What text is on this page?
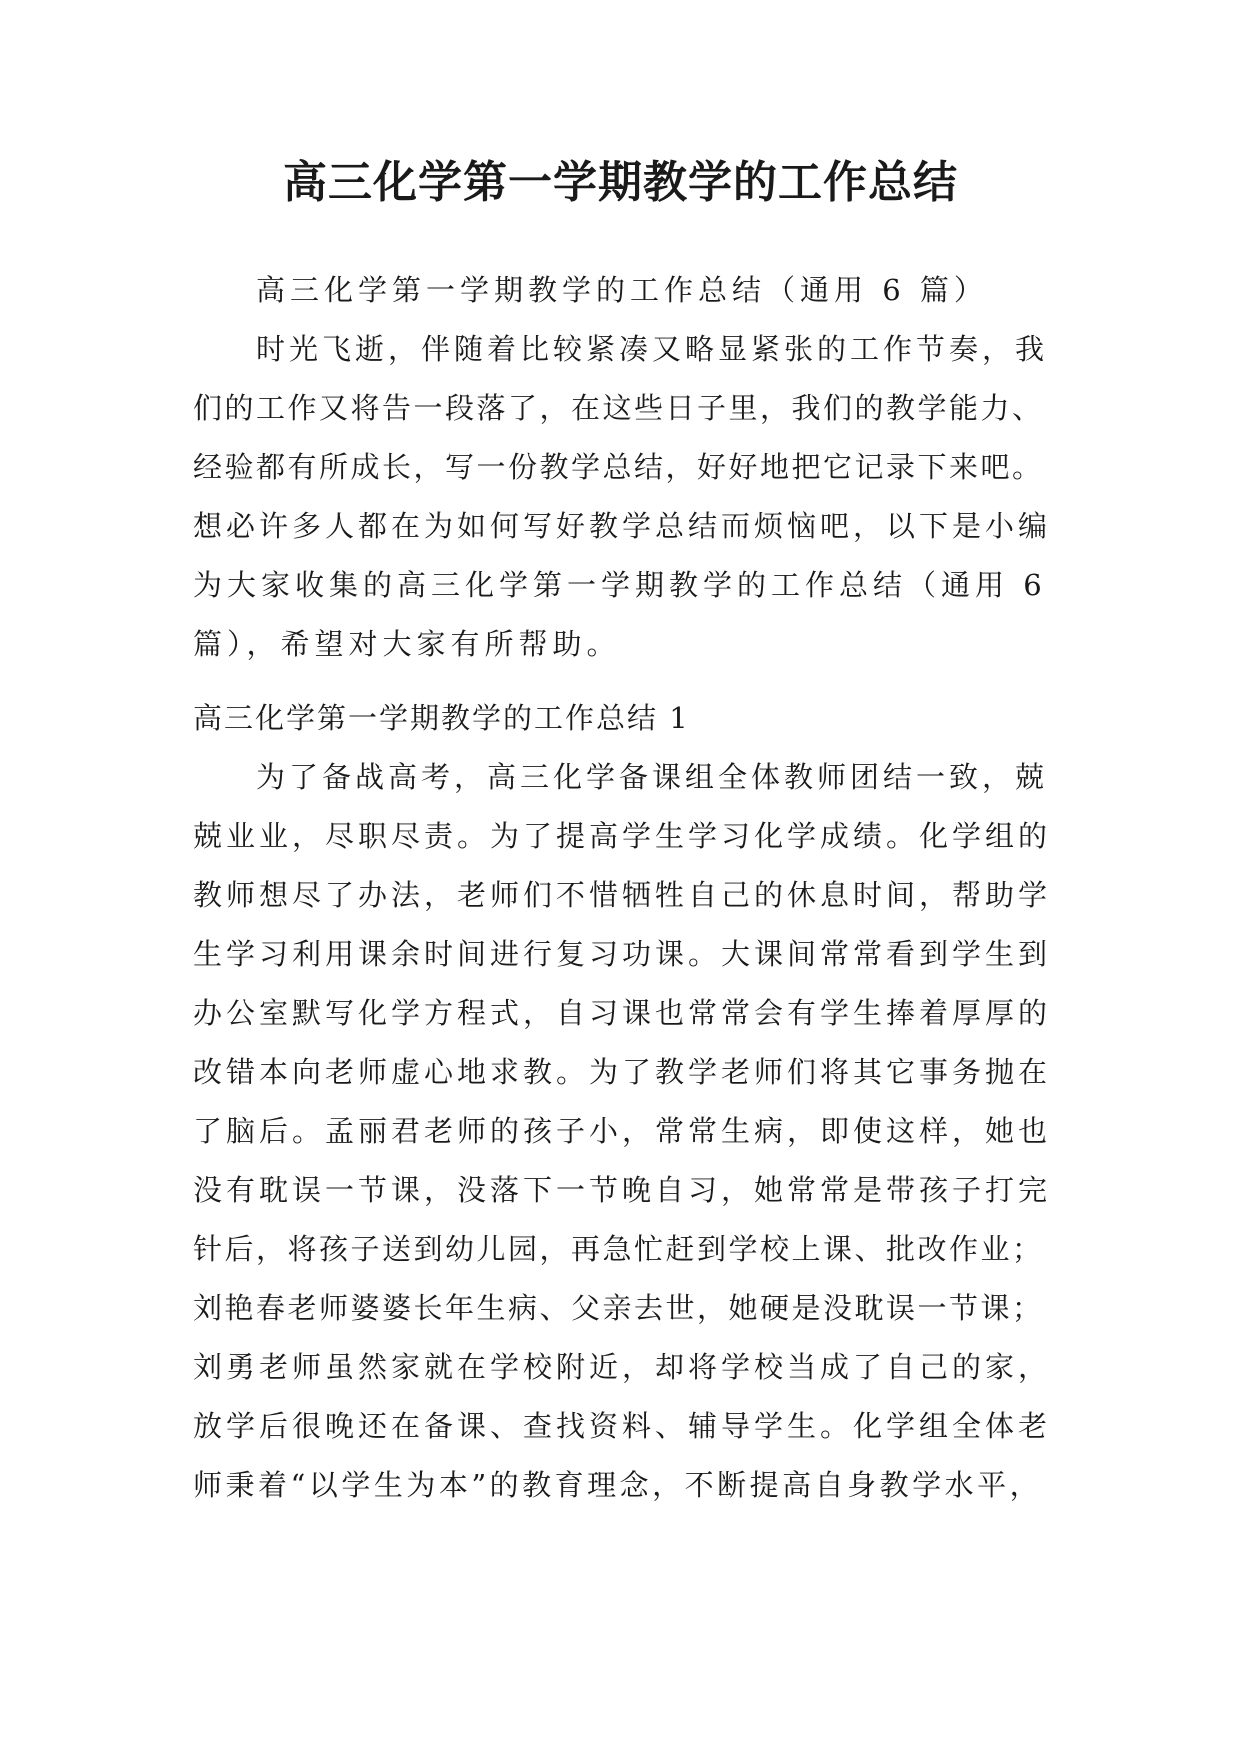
高三化学第一学期教学的工作总结
高三化学第一学期教学的工作总结（通用 6 篇）
时光飞逝，伴随着比较紧凑又略显紧张的工作节奏，我
们的工作又将告一段落了，在这些日子里，我们的教学能力、
经验都有所成长，写一份教学总结，好好地把它记录下来吧。
想必许多人都在为如何写好教学总结而烦恼吧，以下是小编
为大家收集的高三化学第一学期教学的工作总结（通用 6
篇），希望对大家有所帮助。
高三化学第一学期教学的工作总结 1
为了备战高考，高三化学备课组全体教师团结一致，兢
兢业业，尽职尽责。为了提高学生学习化学成绩。化学组的
教师想尽了办法，老师们不惜牺牲自己的休息时间，帮助学
生学习利用课余时间进行复习功课。大课间常常看到学生到
办公室默写化学方程式，自习课也常常会有学生捧着厚厚的
改错本向老师虚心地求教。为了教学老师们将其它事务抛在
了脑后。孟丽君老师的孩子小，常常生病，即使这样，她也
没有耽误一节课，没落下一节晚自习，她常常是带孩子打完
针后，将孩子送到幼儿园，再急忙赶到学校上课、批改作业；
刘艳春老师婆婆长年生病、父亲去世，她硬是没耽误一节课；
刘勇老师虽然家就在学校附近，却将学校当成了自己的家，
放学后很晚还在备课、查找资料、辅导学生。化学组全体老
师秉着“以学生为本”的教育理念，不断提高自身教学水平，
